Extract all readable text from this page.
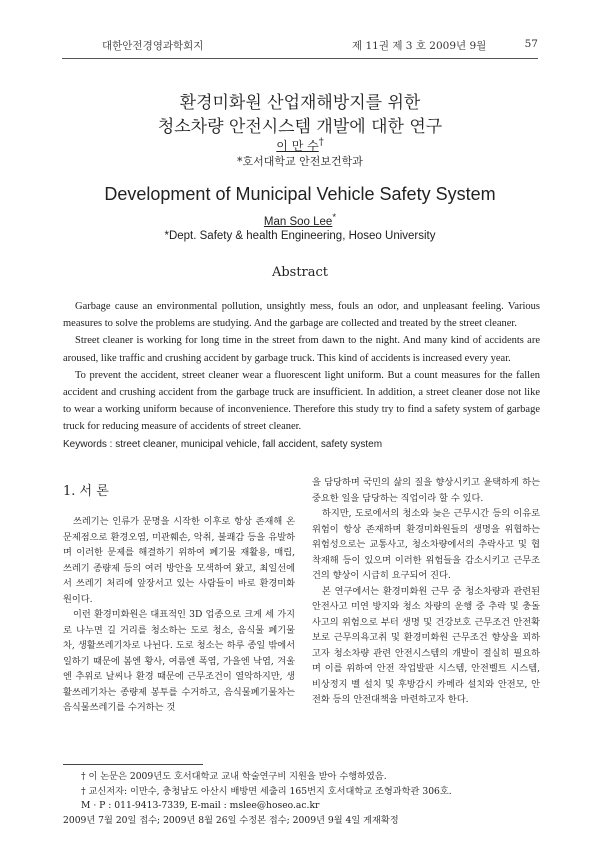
대한안전경영과학회지	제 11권 제 3 호 2009년 9월	57
환경미화원 산업재해방지를 위한
청소차량 안전시스템 개발에 대한 연구
이 만 수†
*호서대학교 안전보건학과
Development of Municipal Vehicle Safety System
Man Soo Lee*
*Dept. Safety & health Engineering, Hoseo University
Abstract

Garbage cause an environmental pollution, unsightly mess, fouls an odor, and unpleasant feeling. Various measures to solve the problems are studying. And the garbage are collected and treated by the street cleaner.

Street cleaner is working for long time in the street from dawn to the night. And many kind of accidents are aroused, like traffic and crushing accident by garbage truck. This kind of accidents is increased every year.

To prevent the accident, street cleaner wear a fluorescent light uniform. But a count measures for the fallen accident and crushing accident from the garbage truck are insufficient. In addition, a street cleaner dose not like to wear a working uniform because of inconvenience. Therefore this study try to find a safety system of garbage truck for reducing measure of accidents of street cleaner.

Keywords : street cleaner, municipal vehicle, fall accident, safety system

1. 서 론

쓰레기는 인류가 문명을 시작한 이후로 항상 존재해 온 문제점으로 환경오염, 미관훼손, 악취, 불쾌감 등을 유발하며 이러한 문제를 해결하기 위하여 폐기물 재활용, 매립, 쓰레기 종량제 등의 여러 방안을 모색하여 왔고, 최일선에서 쓰레기 처리에 앞장서고 있는 사람들이 바로 환경미화원이다.

이런 환경미화원은 대표적인 3D 업종으로 크게 세 가지로 나누면 길 거리를 청소하는 도로 청소, 음식물 폐기물차, 생활쓰레기차로 나뉜다. 도로 청소는 하루 종일 밖에서 일하기 때문에 봄엔 황사, 여름엔 폭염, 가을엔 낙엽, 겨울엔 추위로 날씨나 환경 때문에 근무조건이 열악하지만, 생활쓰레기차는 종량제 봉투를 수거하고, 음식물폐기물차는 음식물쓰레기를 수거하는 것

을 담당하며 국민의 삶의 질을 향상시키고 윤택하게 하는 중요한 일을 담당하는 직업이라 할 수 있다.

하지만, 도로에서의 청소와 늦은 근무시간 등의 이유로 위험이 항상 존재하며 환경미화원들의 생명을 위협하는 위험성으로는 교통사고, 청소차량에서의 추락사고 및 협착재해 등이 있으며 이러한 위험들을 감소시키고 근무조건의 향상이 시급히 요구되어 진다.

본 연구에서는 환경미화원 근무 중 청소차량과 관련된 안전사고 미연 방지와 청소 차량의 운행 중 추락 및 충돌사고의 위험으로 부터 생명 및 건강보호 근무조건 안전확보로 근무의욕고취 및 환경미화원 근무조건 향상을 꾀하고자 청소차량 관련 안전시스템의 개발이 절실히 필요하며 이를 위하여 안전 작업발판 시스템, 안전벨트 시스템, 비상정지 벨 설치 및 후방감시 카메라 설치와 안전모, 안전화 등의 안전대책을 마련하고자 한다.

† 이 논문은 2009년도 호서대학교 교내 학술연구비 지원을 받아 수행하였음.
† 교신저자: 이만수, 충청남도 아산시 배방면 세출리 165번지 호서대학교 조형과학관 306호.
M · P : 011-9413-7339, E-mail : mslee@hoseo.ac.kr
2009년 7월 20일 접수; 2009년 8월 26일 수정본 접수; 2009년 9월 4일 게재확정
